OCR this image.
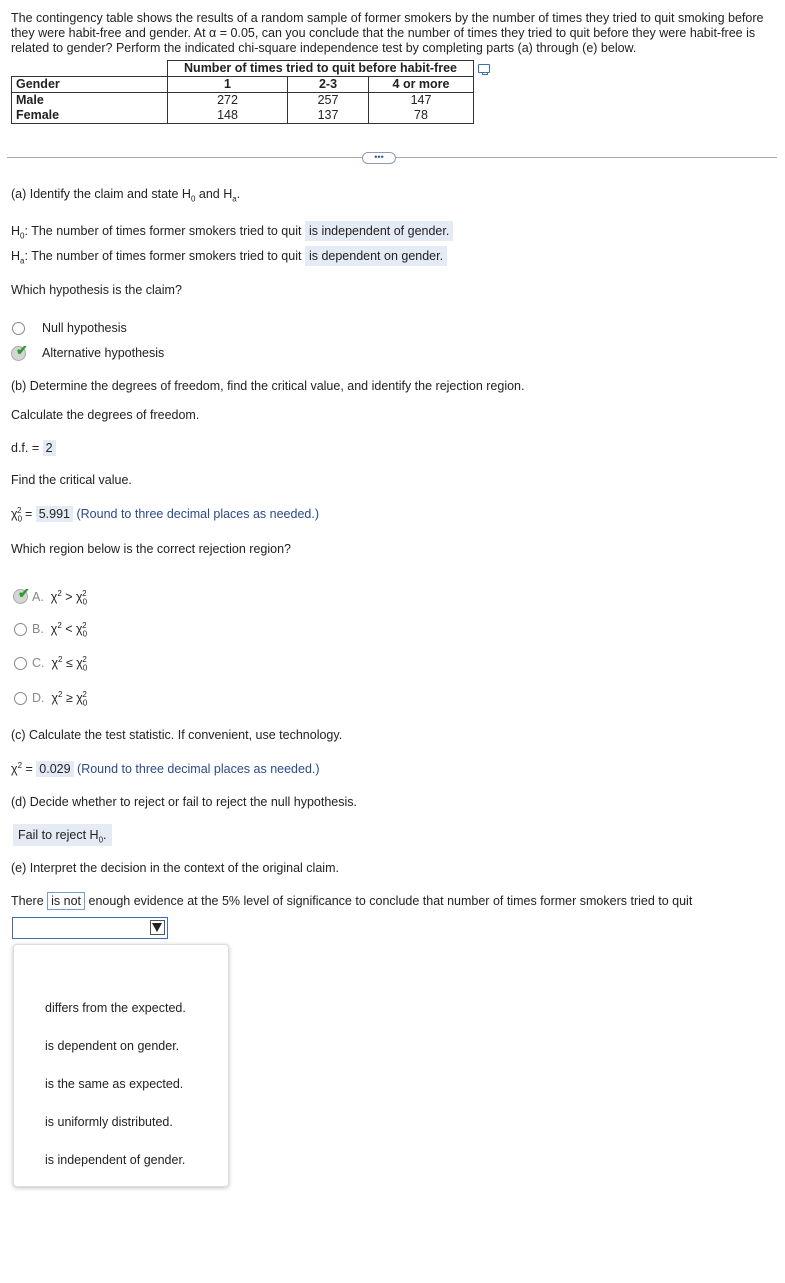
The contingency table shows the results of a random sample of former smokers by the number of times they tried to quit smoking before they were habit-free and gender. At α = 0.05, can you conclude that the number of times they tried to quit before they were habit-free is related to gender? Perform the indicated chi-square independence test by completing parts (a) through (e) below.
	Number of times tried to quit before habit-free		
Gender	1	2-3	4 or more
Male	272	257	147
Female	148	137	78
•••
(a) Identify the claim and state $H_0$ and $H_a$.
$H_0$: The number of times former smokers tried to quit is independent of gender.
$H_a$: The number of times former smokers tried to quit is dependent on gender.
Which hypothesis is the claim?
Null hypothesis
✔ Alternative hypothesis
(b) Determine the degrees of freedom, find the critical value, and identify the rejection region.
Calculate the degrees of freedom.
d.f. = 2
Find the critical value.
$\chi_0^2 = 5.991$ (Round to three decimal places as needed.)
Which region below is the correct rejection region?
✔ A.  $\chi^2 > \chi_0^2$
B.  $\chi^2 < \chi_0^2$
C.  $\chi^2 \le \chi_0^2$
D.  $\chi^2 \ge \chi_0^2$
(c) Calculate the test statistic. If convenient, use technology.
$\chi^2 = 0.029$ (Round to three decimal places as needed.)
(d) Decide whether to reject or fail to reject the null hypothesis.
Fail to reject $H_0$.
(e) Interpret the decision in the context of the original claim.
There is not enough evidence at the 5% level of significance to conclude that number of times former smokers tried to quit
differs from the expected.
is dependent on gender.
is the same as expected.
is uniformly distributed.
is independent of gender.
